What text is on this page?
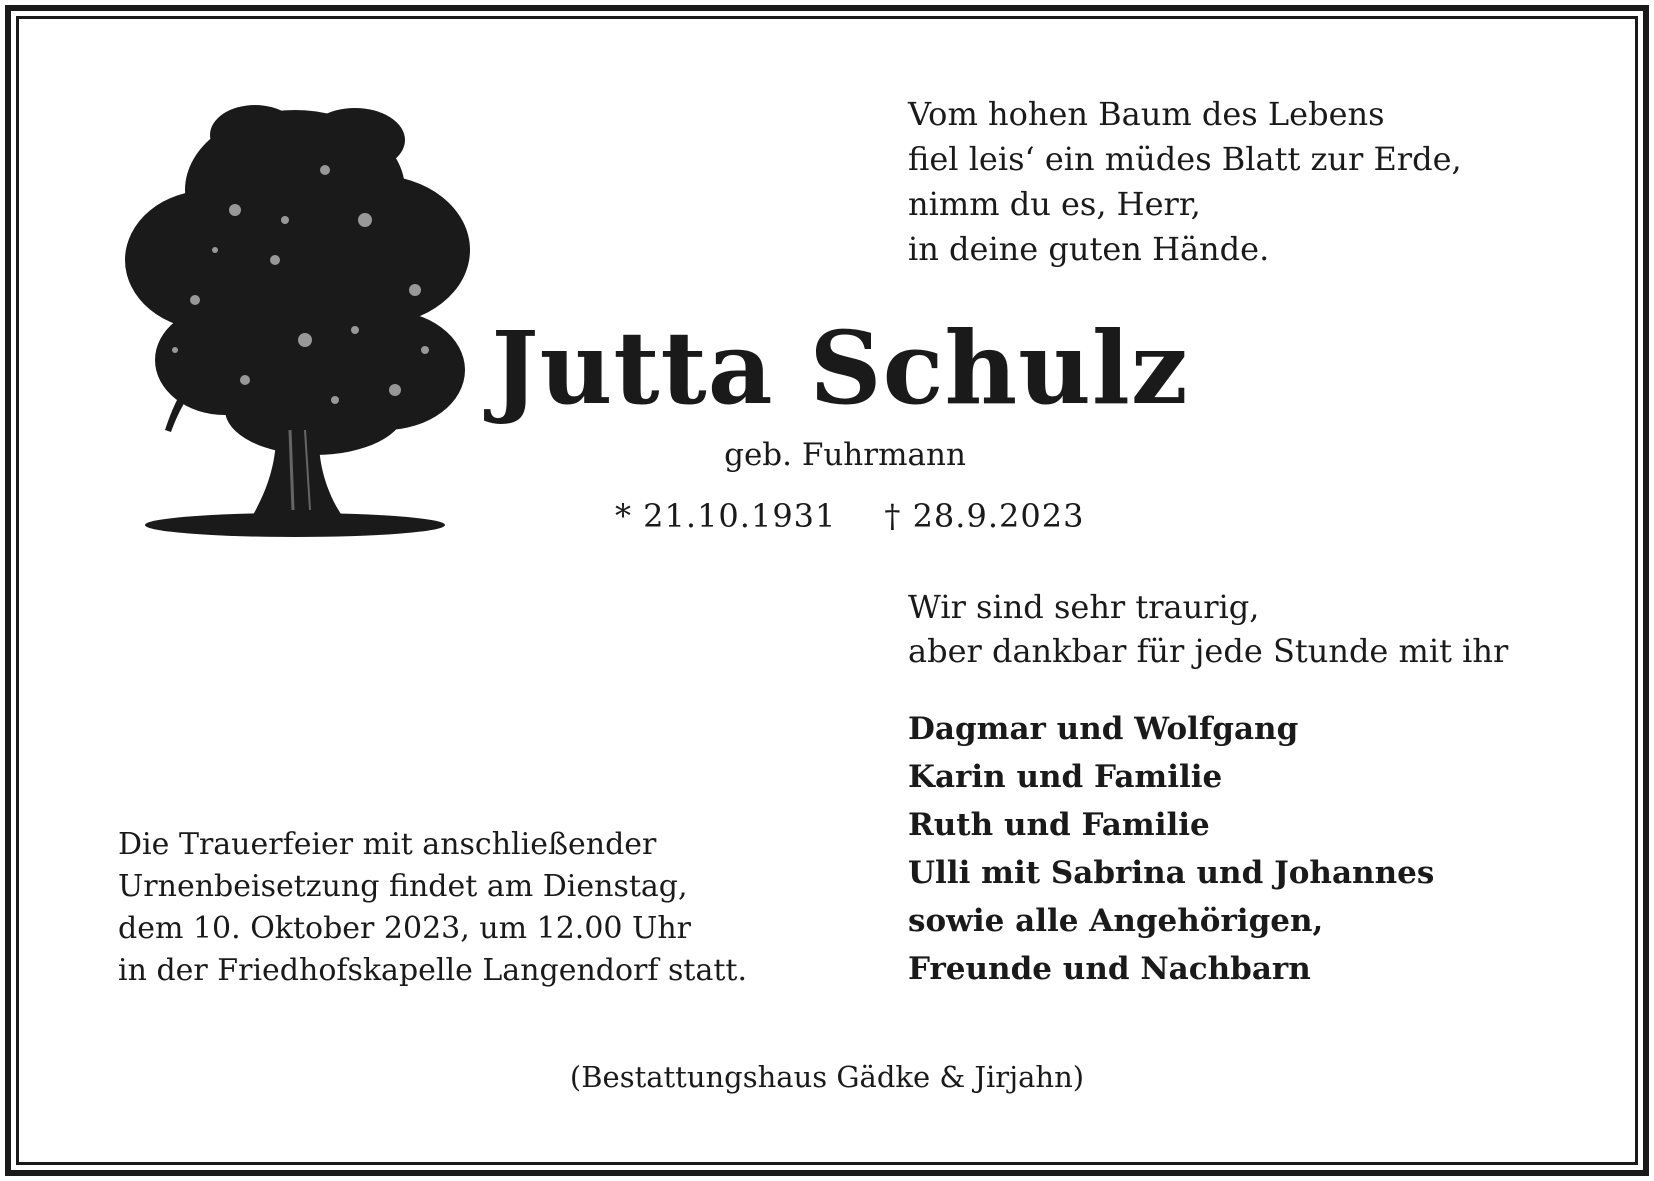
Vom hohen Baum des Lebens
fiel leis‘ ein müdes Blatt zur Erde,
nimm du es, Herr,
in deine guten Hände.
Jutta Schulz
geb. Fuhrmann
* 21.10.1931 † 28.9.2023
Wir sind sehr traurig,
aber dankbar für jede Stunde mit ihr
Dagmar und Wolfgang
Karin und Familie
Ruth und Familie
Ulli mit Sabrina und Johannes
sowie alle Angehörigen,
Freunde und Nachbarn
Die Trauerfeier mit anschließender
Urnenbeisetzung findet am Dienstag,
dem 10. Oktober 2023, um 12.00 Uhr
in der Friedhofskapelle Langendorf statt.
(Bestattungshaus Gädke & Jirjahn)
